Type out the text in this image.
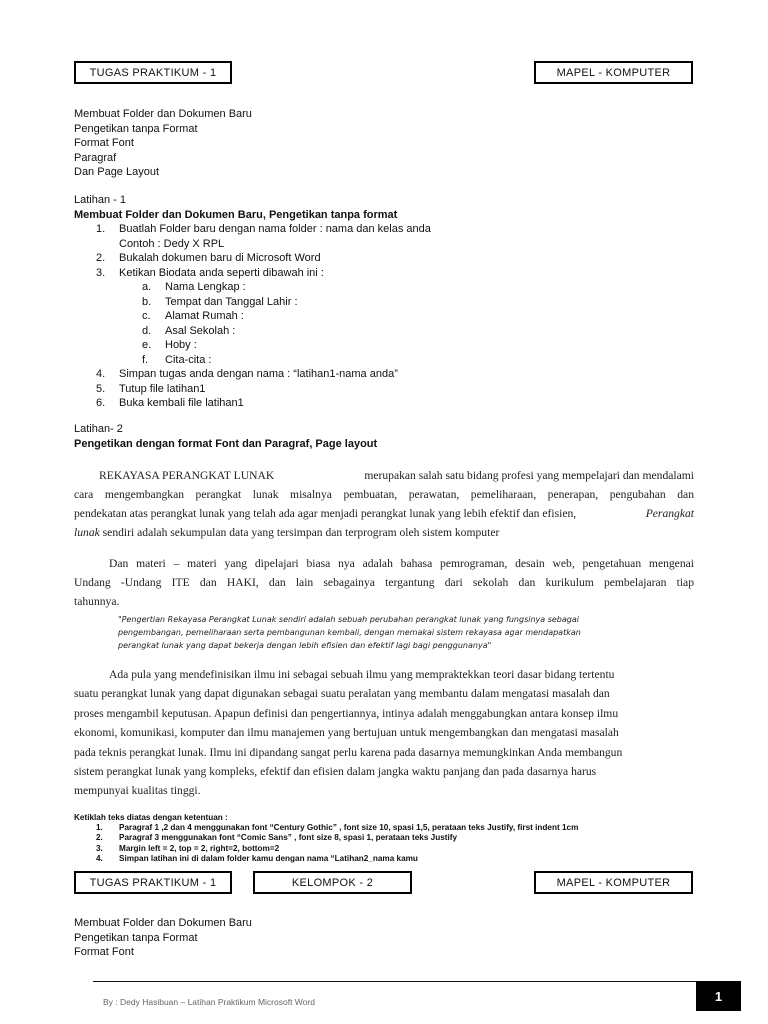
TUGAS PRAKTIKUM - 1	MAPEL - KOMPUTER
Membuat Folder dan Dokumen Baru
Pengetikan tanpa Format
Format Font
Paragraf
Dan Page Layout
Latihan - 1
Membuat Folder dan Dokumen Baru, Pengetikan tanpa format
1.	Buatlah Folder baru dengan nama folder : nama dan kelas anda
Contoh : Dedy X RPL
2.	Bukalah dokumen baru di Microsoft Word
3.	Ketikan Biodata anda seperti dibawah ini :
a.	Nama Lengkap :
b.	Tempat dan Tanggal Lahir :
c.	Alamat Rumah :
d.	Asal Sekolah :
e.	Hoby :
f.	Cita-cita :
4.	Simpan tugas anda dengan nama : “latihan1-nama anda”
5.	Tutup file latihan1
6.	Buka kembali file latihan1
Latihan- 2
Pengetikan dengan format Font dan Paragraf, Page layout
REKAYASA PERANGKAT LUNAK	merupakan salah satu bidang profesi yang mempelajari dan mendalami
cara mengembangkan perangkat lunak misalnya pembuatan, perawatan, pemeliharaan, penerapan, pengubahan dan
pendekatan atas perangkat lunak yang telah ada agar menjadi perangkat lunak yang lebih efektif dan efisien,	Perangkat
lunak sendiri adalah sekumpulan data yang tersimpan dan terprogram oleh sistem komputer
Dan materi – materi yang dipelajari biasa nya adalah bahasa pemrograman, desain web, pengetahuan mengenai
Undang -Undang ITE dan HAKI, dan lain sebagainya tergantung dari sekolah dan kurikulum pembelajaran tiap
tahunnya.
"Pengertian Rekayasa Perangkat Lunak sendiri adalah sebuah perubahan perangkat lunak yang fungsinya sebagai
pengembangan, pemeliharaan serta pembangunan kembali, dengan memakai sistem rekayasa agar mendapatkan
perangkat lunak yang dapat bekerja dengan lebih efisien dan efektif lagi bagi penggunanya"
Ada pula yang mendefinisikan ilmu ini sebagai sebuah ilmu yang mempraktekkan teori dasar bidang tertentu
suatu perangkat lunak yang dapat digunakan sebagai suatu peralatan yang membantu dalam mengatasi masalah dan
proses mengambil keputusan. Apapun definisi dan pengertiannya, intinya adalah menggabungkan antara konsep ilmu
ekonomi, komunikasi, komputer dan ilmu manajemen yang bertujuan untuk mengembangkan dan mengatasi masalah
pada teknis perangkat lunak. Ilmu ini dipandang sangat perlu karena pada dasarnya memungkinkan Anda membangun
sistem perangkat lunak yang kompleks, efektif dan efisien dalam jangka waktu panjang dan pada dasarnya harus
mempunyai kualitas tinggi.
Ketiklah teks diatas dengan ketentuan :
1.	Paragraf 1 ,2 dan 4 menggunakan font “Century Gothic” , font size 10, spasi 1,5, perataan teks Justify, first indent 1cm
2.	Paragraf 3 menggunakan font “Comic Sans” , font size 8, spasi 1, perataan teks Justify
3.	Margin left = 2, top = 2, right=2, bottom=2
4.	Simpan latihan ini di dalam folder kamu dengan nama “Latihan2_nama kamu
TUGAS PRAKTIKUM - 1	KELOMPOK - 2	MAPEL - KOMPUTER
Membuat Folder dan Dokumen Baru
Pengetikan tanpa Format
Format Font
By : Dedy Hasibuan – Latihan Praktikum Microsoft Word	1
